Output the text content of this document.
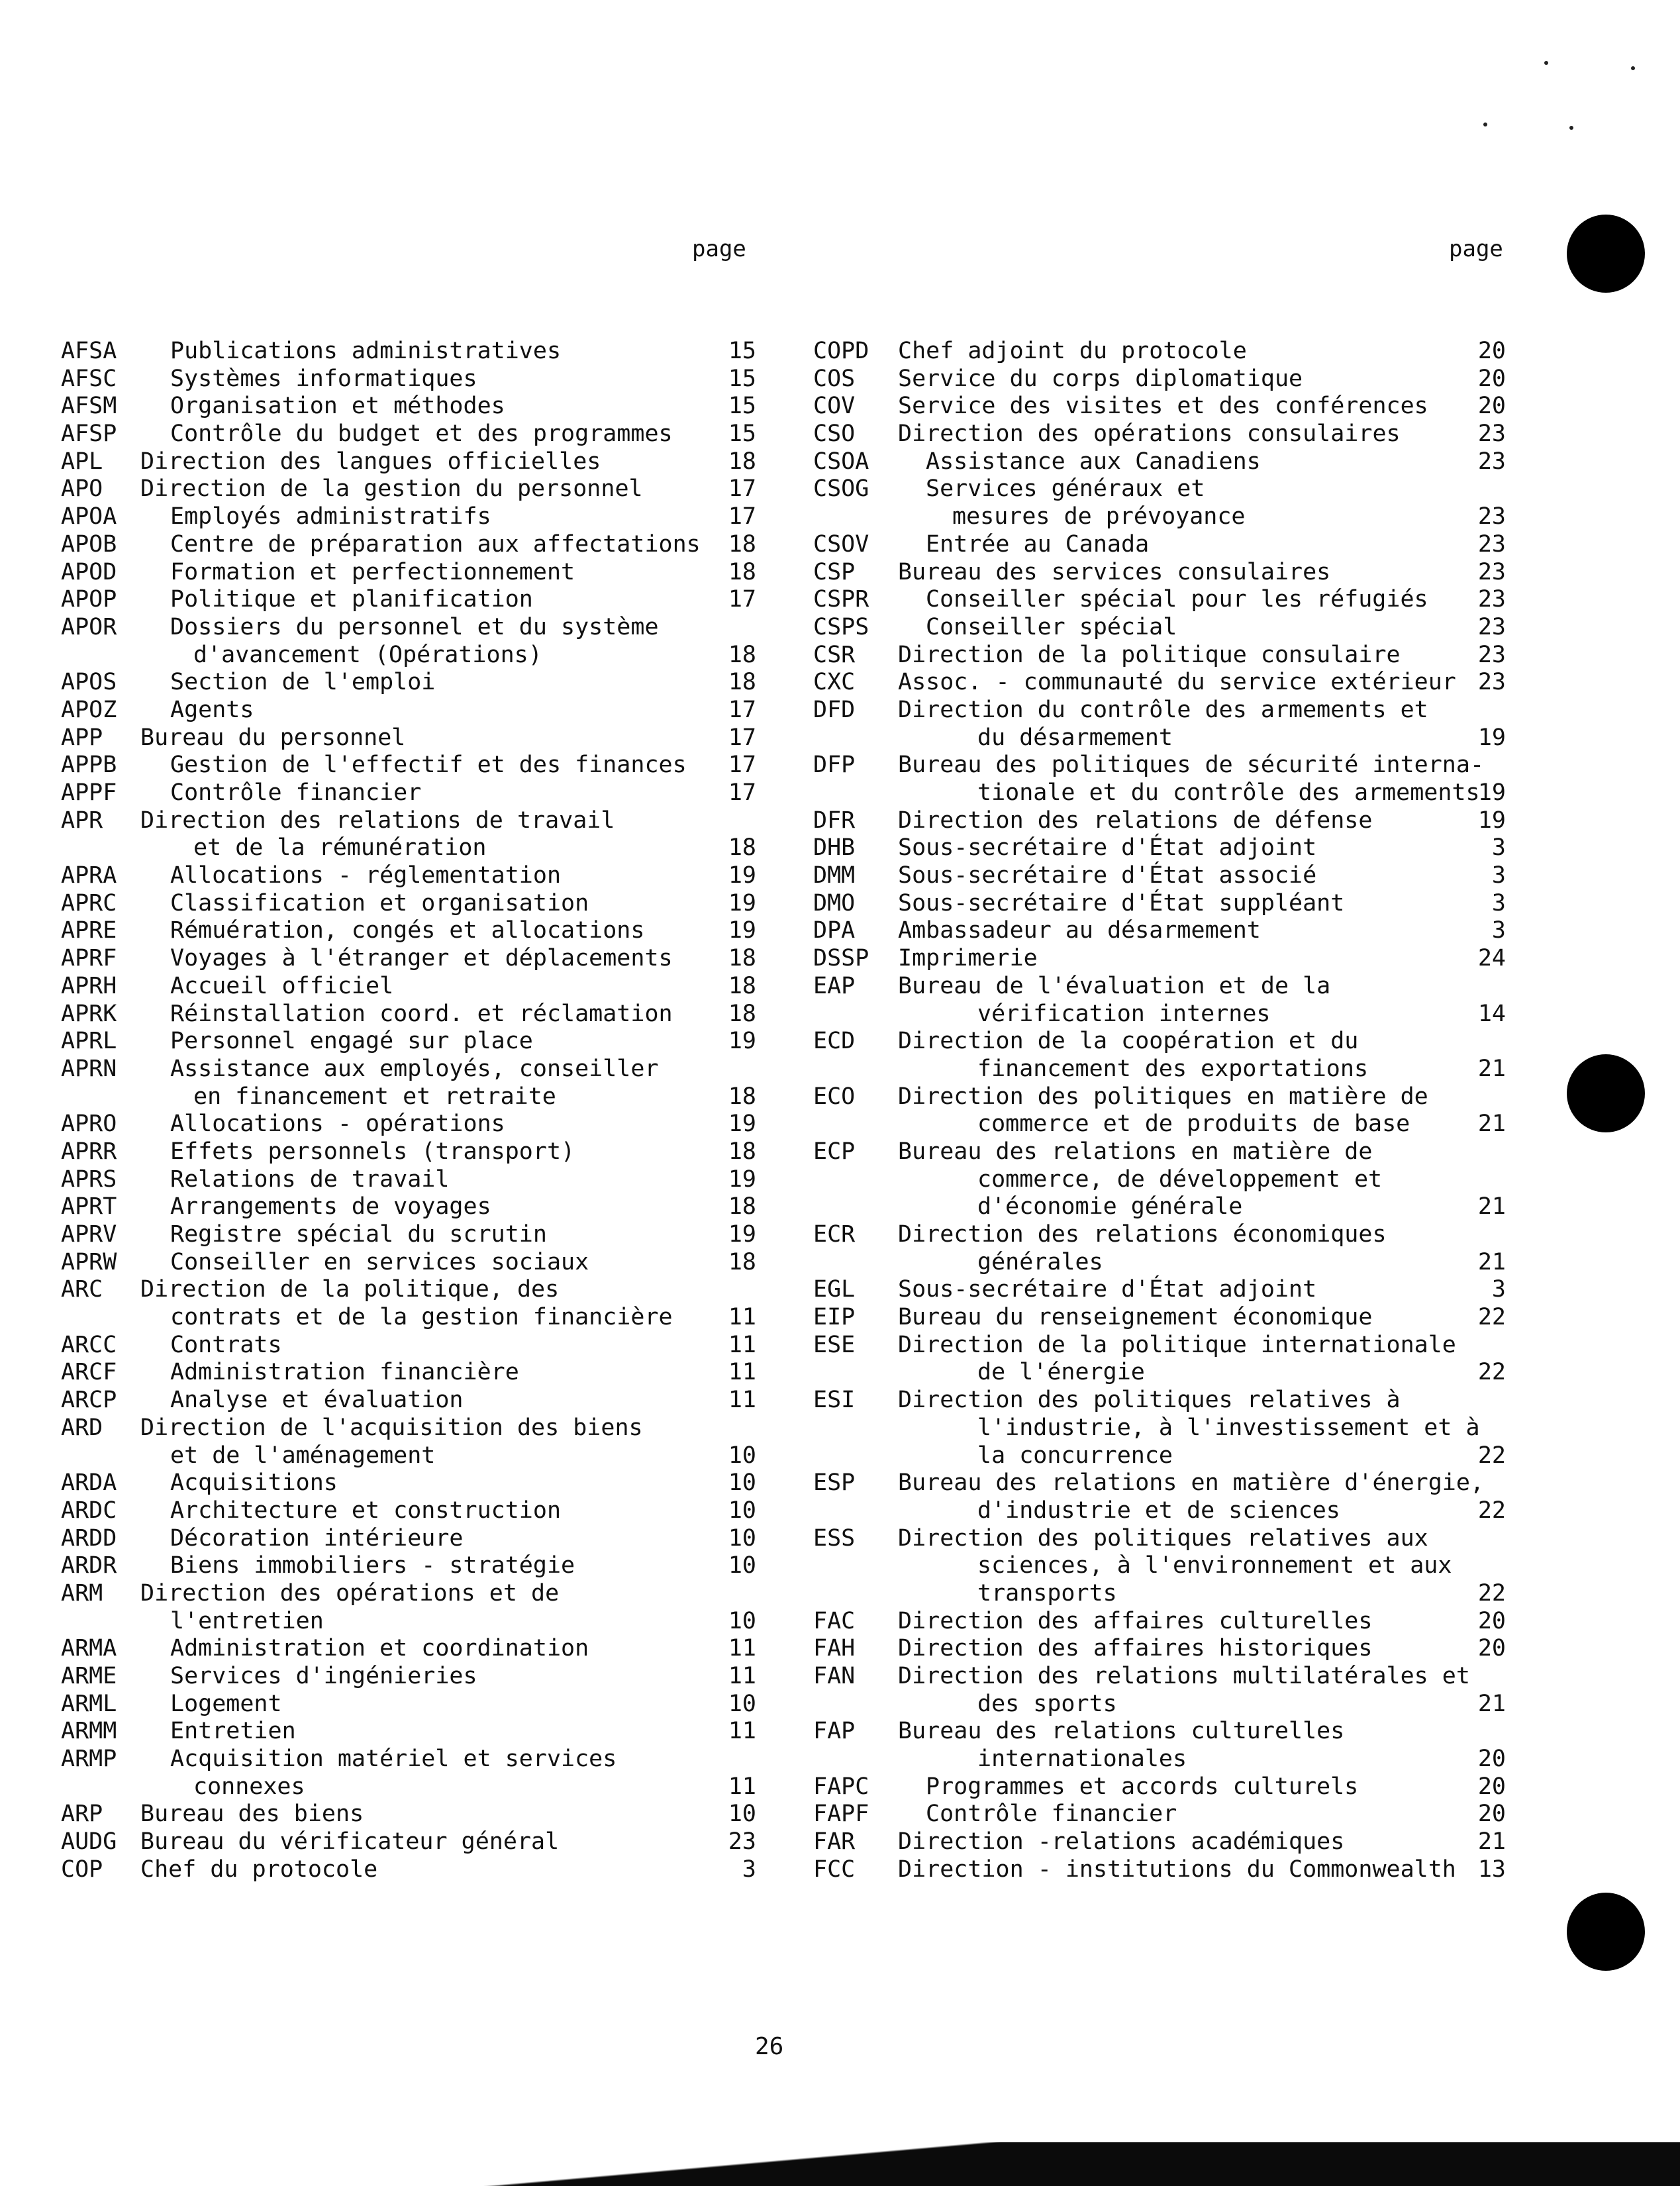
page	page
AFSA Publications administratives	15
AFSC Systèmes informatiques	15
AFSM Organisation et méthodes	15
AFSP Contrôle du budget et des programmes 15
APL Direction des langues officielles	18
APO Direction de la gestion du personnel	17
APOA Employés administratifs	17
APOB Centre de préparation aux affectations 18
APOD Formation et perfectionnement	18
APOP Politique et planification	17
APOR Dossiers du personnel et du système
d'avancement (Opérations)	18
APOS Section de l'emploi	18
APOZ Agents	17
APP Bureau du personnel	17
APPB Gestion de l'effectif et des finances 17
APPF Contrôle financier	17
APR Direction des relations de travail
et de la rémunération	18
APRA Allocations - réglementation	19
APRC Classification et organisation	19
APRE Rémuération, congés et allocations	19
APRF Voyages à l'étranger et déplacements 18
APRH Accueil officiel	18
APRK Réinstallation coord. et réclamation 18
APRL Personnel engagé sur place	19
APRN Assistance aux employés, conseiller
en financement et retraite	18
APRO Allocations - opérations	19
APRR Effets personnels (transport)	18
APRS Relations de travail	19
APRT Arrangements de voyages	18
APRV Registre spécial du scrutin	19
APRW Conseiller en services sociaux	18
ARC Direction de la politique, des
contrats et de la gestion financière 11
ARCC Contrats	11
ARCF Administration financière	11
ARCP Analyse et évaluation	11
ARD Direction de l'acquisition des biens
et de l'aménagement	10
ARDA Acquisitions	10
ARDC Architecture et construction	10
ARDD Décoration intérieure	10
ARDR Biens immobiliers - stratégie	10
ARM Direction des opérations et de
l'entretien	10
ARMA Administration et coordination	11
ARME Services d'ingénieries	11
ARML Logement	10
ARMM Entretien	11
ARMP Acquisition matériel et services
connexes	11
ARP Bureau des biens	10
AUDG Bureau du vérificateur général	23
COP Chef du protocole	3
COPD Chef adjoint du protocole	20
COS Service du corps diplomatique	20
COV Service des visites et des conférences 20
CSO Direction des opérations consulaires	23
CSOA Assistance aux Canadiens	23
CSOG Services généraux et
mesures de prévoyance	23
CSOV Entrée au Canada	23
CSP Bureau des services consulaires	23
CSPR Conseiller spécial pour les réfugiés 23
CSPS Conseiller spécial	23
CSR Direction de la politique consulaire	23
CXC Assoc. - communauté du service extérieur 23
DFD Direction du contrôle des armements et
du désarmement	19
DFP Bureau des politiques de sécurité interna-
tionale et du contrôle des armements
19
DFR Direction des relations de défense	19
DHB Sous-secrétaire d'État adjoint	3
DMM Sous-secrétaire d'État associé	3
DMO Sous-secrétaire d'État suppléant	3
DPA Ambassadeur au désarmement	3
DSSP Imprimerie	24
EAP Bureau de l'évaluation et de la
vérification internes	14
ECD Direction de la coopération et du
financement des exportations	21
ECO Direction des politiques en matière de
commerce et de produits de base	21
ECP Bureau des relations en matière de
commerce, de développement et
d'économie générale	21
ECR Direction des relations économiques
générales	21
EGL Sous-secrétaire d'État adjoint	3
EIP Bureau du renseignement économique	22
ESE Direction de la politique internationale
de l'énergie	22
ESI Direction des politiques relatives à
l'industrie, à l'investissement et à
la concurrence	22
ESP Bureau des relations en matière d'énergie,
d'industrie et de sciences	22
ESS Direction des politiques relatives aux
sciences, à l'environnement et aux
transports	22
FAC Direction des affaires culturelles	20
FAH Direction des affaires historiques	20
FAN Direction des relations multilatérales et
des sports	21
FAP Bureau des relations culturelles
internationales	20
FAPC Programmes et accords culturels	20
FAPF Contrôle financier	20
FAR Direction -relations académiques	21
FCC Direction - institutions du Commonwealth 13
26
